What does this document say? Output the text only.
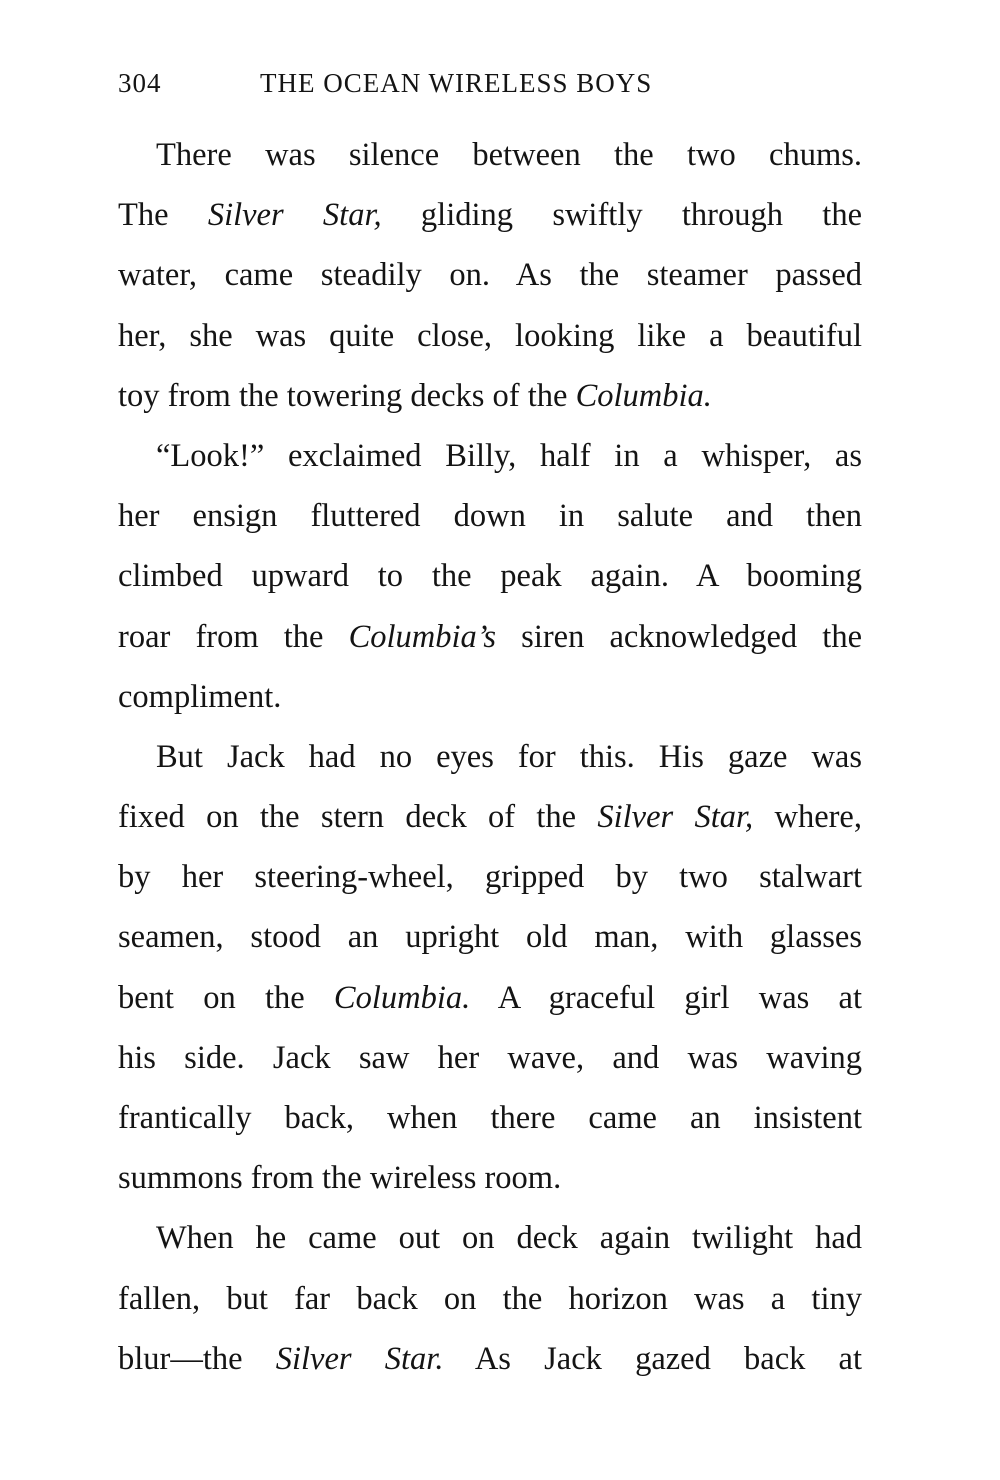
304	THE OCEAN WIRELESS BOYS
There was silence between the two chums.
The Silver Star, gliding swiftly through the
water, came steadily on. As the steamer passed
her, she was quite close, looking like a beautiful
toy from the towering decks of the Columbia.
“Look!” exclaimed Billy, half in a whisper, as
her ensign fluttered down in salute and then
climbed upward to the peak again. A booming
roar from the Columbia’s siren acknowledged the
compliment.
But Jack had no eyes for this. His gaze was
fixed on the stern deck of the Silver Star, where,
by her steering-wheel, gripped by two stalwart
seamen, stood an upright old man, with glasses
bent on the Columbia. A graceful girl was at
his side. Jack saw her wave, and was waving
frantically back, when there came an insistent
summons from the wireless room.
When he came out on deck again twilight had
fallen, but far back on the horizon was a tiny
blur—the Silver Star. As Jack gazed back at
